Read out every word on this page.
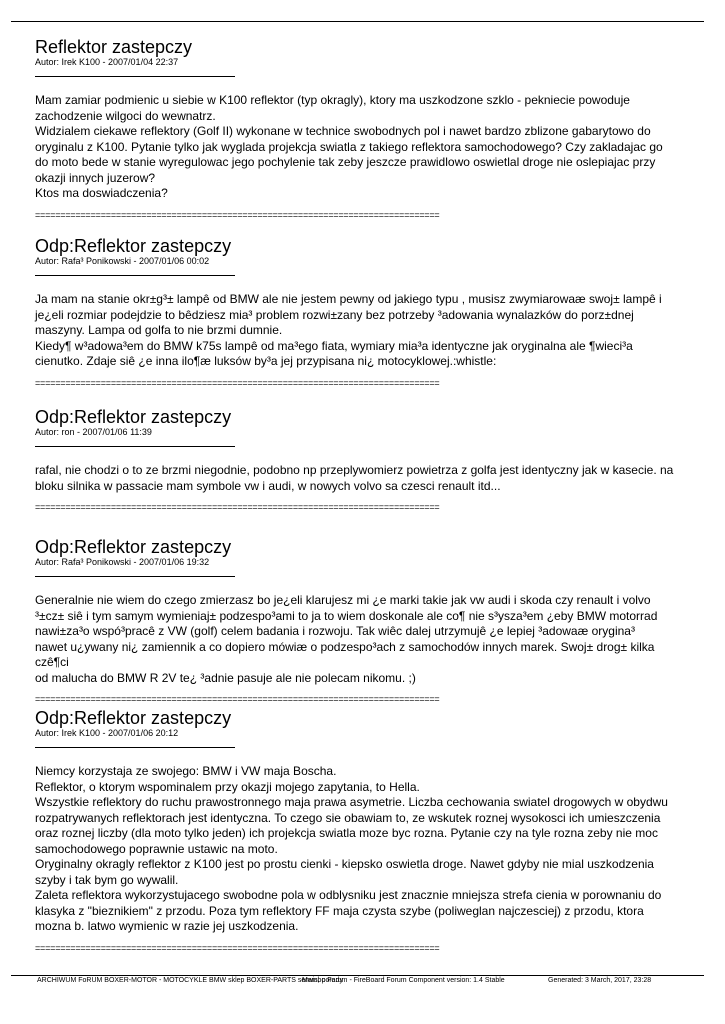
Reflektor zastepczy
Autor: Irek K100 - 2007/01/04 22:37
Mam zamiar podmienic u siebie w K100 reflektor (typ okragly), ktory ma uszkodzone szklo - pekniecie powoduje
zachodzenie wilgoci do wewnatrz.
Widzialem ciekawe reflektory (Golf II) wykonane w technice swobodnych pol i nawet bardzo zblizone gabarytowo do
oryginalu z K100. Pytanie tylko jak wyglada projekcja swiatla z takiego reflektora samochodowego? Czy zakladajac go
do moto bede w stanie wyregulowac jego pochylenie tak zeby jeszcze prawidlowo oswietlal droge nie oslepiajac przy
okazji innych juzerow?
Ktos ma doswiadczenia?
================================================================================
Odp:Reflektor zastepczy
Autor: Rafa³ Ponikowski - 2007/01/06 00:02
Ja mam na stanie okr±g³± lampê od BMW ale nie jestem pewny od jakiego typu , musisz zwymiarowaæ swoj± lampê i
je¿eli rozmiar podejdzie to bêdziesz mia³ problem rozwi±zany bez potrzeby ³adowania wynalazków do porz±dnej
maszyny. Lampa od golfa to nie brzmi dumnie.
Kiedy¶ w³adowa³em do BMW k75s lampê od ma³ego fiata, wymiary mia³a identyczne jak oryginalna ale ¶wieci³a
cienutko. Zdaje siê ¿e inna ilo¶æ luksów by³a jej przypisana ni¿ motocyklowej.:whistle:
================================================================================
Odp:Reflektor zastepczy
Autor: ron - 2007/01/06 11:39
rafal, nie chodzi o to ze brzmi niegodnie, podobno np przeplywomierz powietrza z golfa jest identyczny jak w kasecie. na
bloku silnika w passacie mam symbole vw i audi, w nowych volvo sa czesci renault itd...
================================================================================
Odp:Reflektor zastepczy
Autor: Rafa³ Ponikowski - 2007/01/06 19:32
Generalnie nie wiem do czego zmierzasz bo je¿eli klarujesz mi ¿e marki takie jak vw audi i skoda czy renault i volvo
³±cz± siê i tym samym wymieniaj± podzespo³ami to ja to wiem doskonale ale co¶ nie s³ysza³em ¿eby BMW motorrad
nawi±za³o wspó³pracê z VW (golf) celem badania i rozwoju. Tak wiêc dalej utrzymujê ¿e lepiej ³adowaæ orygina³
nawet u¿ywany ni¿ zamiennik a co dopiero mówiæ o podzespo³ach z samochodów innych marek. Swoj± drog± kilka czê¶ci
od malucha do BMW R 2V te¿ ³adnie pasuje ale nie polecam nikomu. ;)
================================================================================
Odp:Reflektor zastepczy
Autor: Irek K100 - 2007/01/06 20:12
Niemcy korzystaja ze swojego: BMW i VW maja Boscha.
Reflektor, o ktorym wspominalem przy okazji mojego zapytania, to Hella.
Wszystkie reflektory do ruchu prawostronnego maja prawa asymetrie. Liczba cechowania swiatel drogowych w obydwu
rozpatrywanych reflektorach jest identyczna. To czego sie obawiam to, ze wskutek roznej wysokosci ich umieszczenia
oraz roznej liczby (dla moto tylko jeden) ich projekcja swiatla moze byc rozna. Pytanie czy na tyle rozna zeby nie moc
samochodowego poprawnie ustawic na moto.
Oryginalny okragly reflektor z K100 jest po prostu cienki - kiepsko oswietla droge. Nawet gdyby nie mial uszkodzenia
szyby i tak bym go wywalil.
Zaleta reflektora wykorzystujacego swobodne pola w odblysniku jest znacznie mniejsza strefa cienia w porownaniu do
klasyka z "bieznikiem" z przodu. Poza tym reflektory FF maja czysta szybe (poliweglan najczesciej) z przodu, ktora
mozna b. latwo wymienic w razie jej uszkodzenia.
================================================================================
ARCHIWUM FoRUM BOXER-MOTOR - MOTOCYKLE BMW sklep BOXER-PARTS serwis, porady
Mambo Forum - FireBoard Forum Component version: 1.4 Stable	Generated: 3 March, 2017, 23:28
